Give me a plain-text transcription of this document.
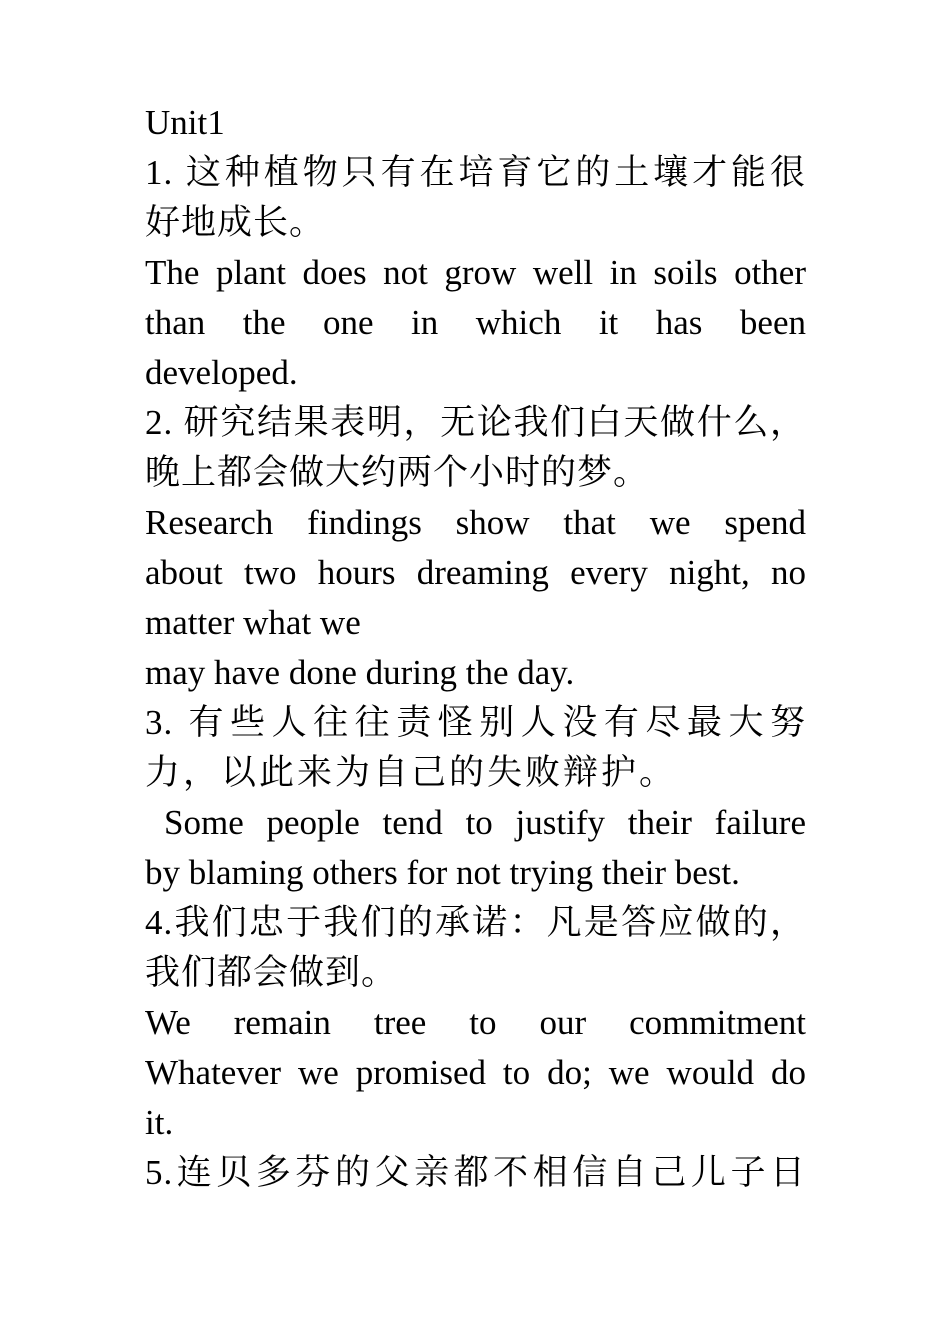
Unit1
1. 这种植物只有在培育它的土壤才能很
好地成长。
The plant does not grow well in soils other
than the one in which it has been
developed.
2. 研究结果表明，无论我们白天做什么，
晚上都会做大约两个小时的梦。
Research findings show that we spend
about two hours dreaming every night, no
matter what we
may have done during the day.
3. 有些人往往责怪别人没有尽最大努
力，以此来为自己的失败辩护。
Some people tend to justify their failure
by blaming others for not trying their best.
4.我们忠于我们的承诺：凡是答应做的，
我们都会做到。
We remain tree to our commitment
Whatever we promised to do; we would do
it.
5.连贝多芬的父亲都不相信自己儿子日
